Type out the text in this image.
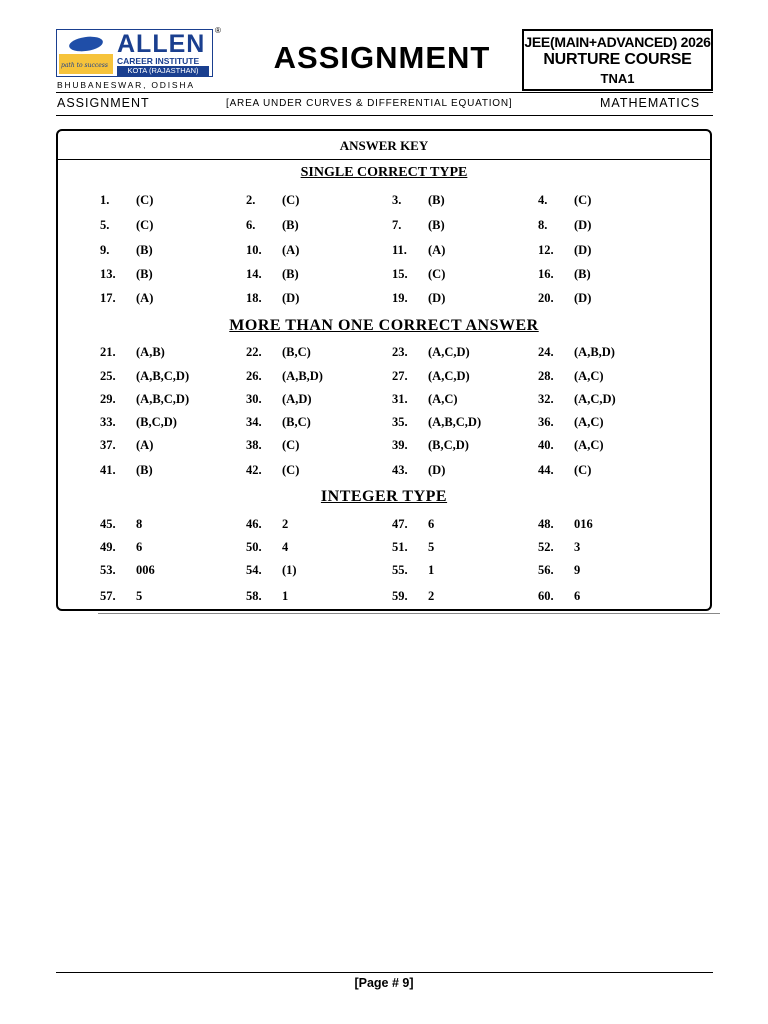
path to success
ALLEN
CAREER INSTITUTE
KOTA (RAJASTHAN)
®
BHUBANESWAR, ODISHA
ASSIGNMENT	JEE(MAIN+ADVANCED) 2026
NURTURE COURSE
TNA1
ASSIGNMENT	[AREA UNDER CURVES & DIFFERENTIAL EQUATION]	MATHEMATICS
ANSWER KEY
SINGLE CORRECT TYPE
1. (C)	2. (C)	3. (B)	4. (C)
5. (C)	6. (B)	7. (B)	8. (D)
9. (B)	10. (A)	11. (A)	12. (D)
13. (B)	14. (B)	15. (C)	16. (B)
17. (A)	18. (D)	19. (D)	20. (D)
MORE THAN ONE CORRECT ANSWER
21. (A,B)	22. (B,C)	23. (A,C,D)	24. (A,B,D)
25. (A,B,C,D)	26. (A,B,D)	27. (A,C,D)	28. (A,C)
29. (A,B,C,D)	30. (A,D)	31. (A,C)	32. (A,C,D)
33. (B,C,D)	34. (B,C)	35. (A,B,C,D)	36. (A,C)
37. (A)	38. (C)	39. (B,C,D)	40. (A,C)
41. (B)	42. (C)	43. (D)	44. (C)
INTEGER TYPE
45. 8	46. 2	47. 6	48. 016
49. 6	50. 4	51. 5	52. 3
53. 006	54. (1)	55. 1	56. 9
57. 5	58. 1	59. 2	60. 6
[Page # 9]
